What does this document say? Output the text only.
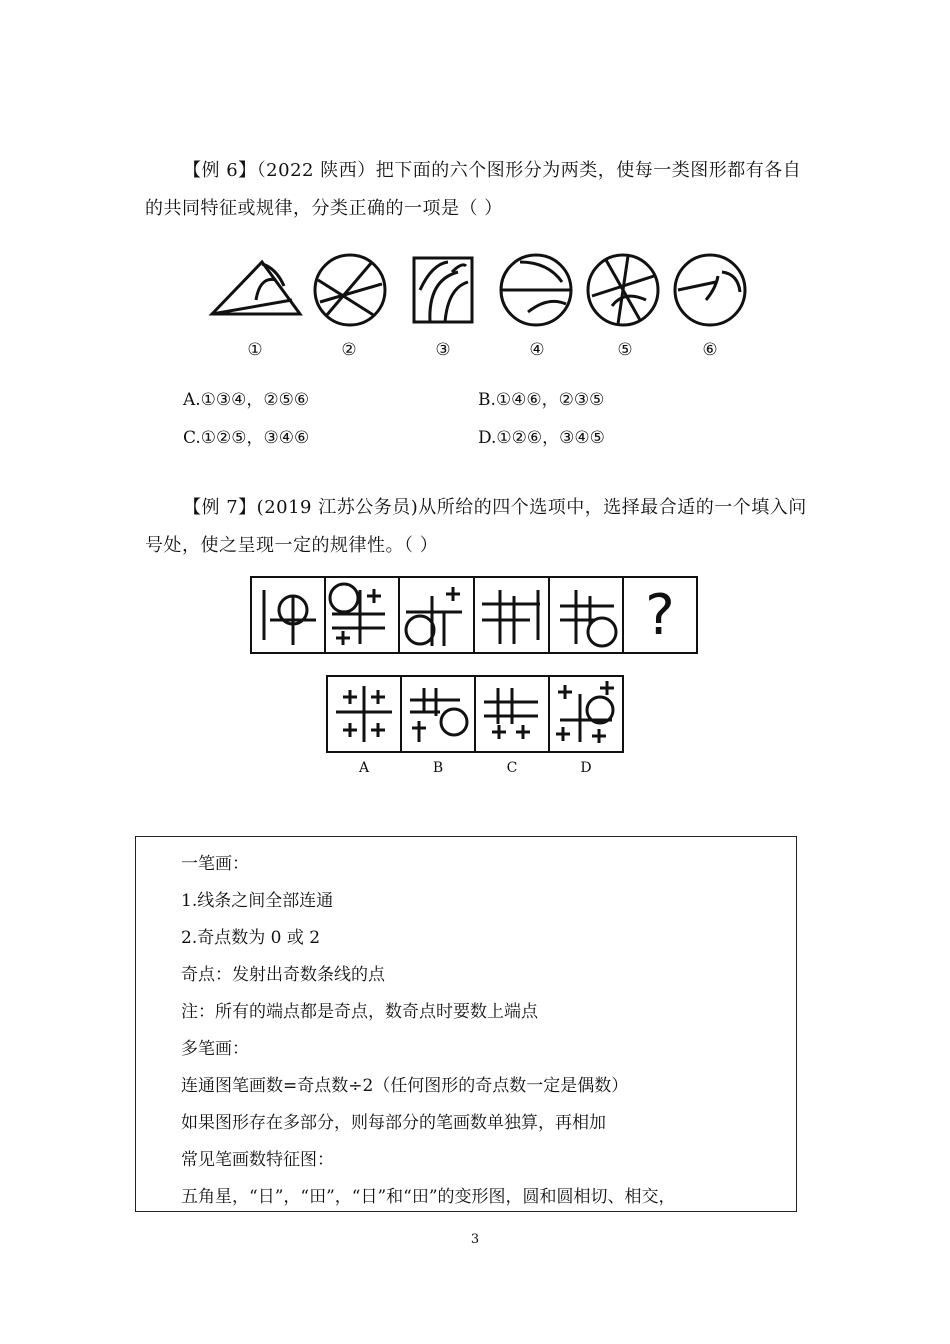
【例 6】（2022 陕西）把下面的六个图形分为两类，使每一类图形都有各自
的共同特征或规律，分类正确的一项是（ ）
①	②	③	④	⑤	⑥
A.①③④，②⑤⑥	B.①④⑥，②③⑤
C.①②⑤，③④⑥	D.①②⑥，③④⑤
【例 7】(2019 江苏公务员)从所给的四个选项中，选择最合适的一个填入问
号处，使之呈现一定的规律性。（ ）
?
A	B	C	D
一笔画：
1.线条之间全部连通
2.奇点数为 0 或 2
奇点：发射出奇数条线的点
注：所有的端点都是奇点，数奇点时要数上端点
多笔画：
连通图笔画数=奇点数÷2（任何图形的奇点数一定是偶数）
如果图形存在多部分，则每部分的笔画数单独算，再相加
常见笔画数特征图：
五角星，“日”，“田”，“日”和“田”的变形图，圆和圆相切、相交，
3
